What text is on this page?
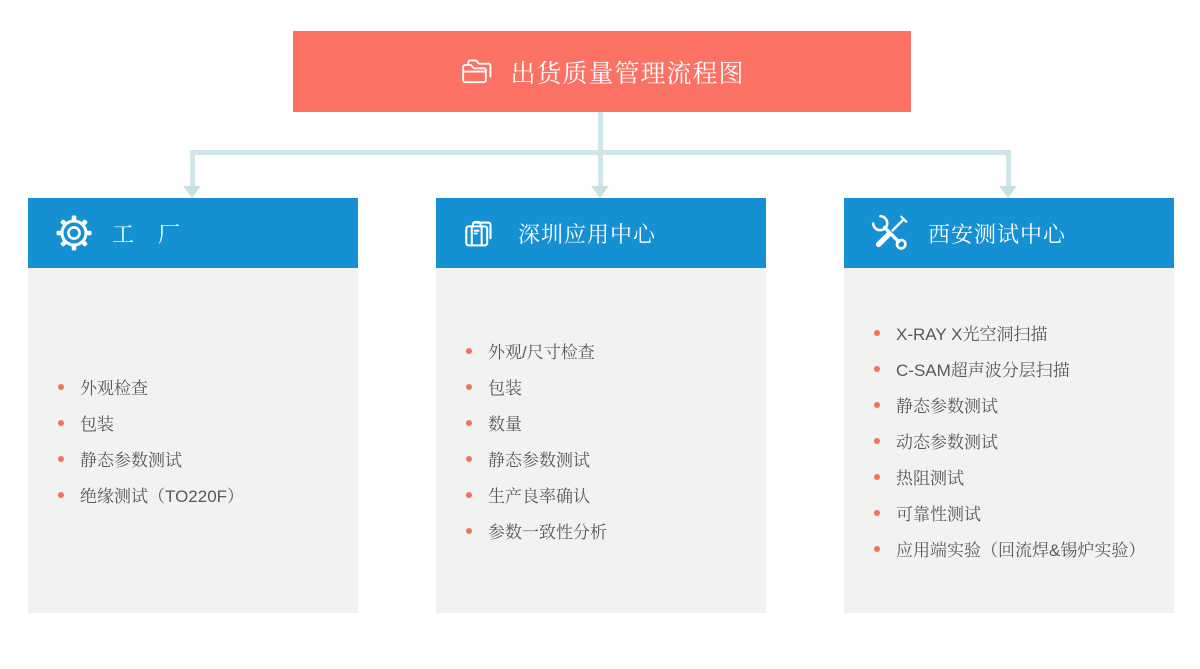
出货质量管理流程图
工　厂
外观检查
包装
静态参数测试
绝缘测试（TO220F）
深圳应用中心
外观/尺寸检查
包装
数量
静态参数测试
生产良率确认
参数一致性分析
西安测试中心
X-RAY X光空洞扫描
C-SAM超声波分层扫描
静态参数测试
动态参数测试
热阻测试
可靠性测试
应用端实验（回流焊&锡炉实验）
